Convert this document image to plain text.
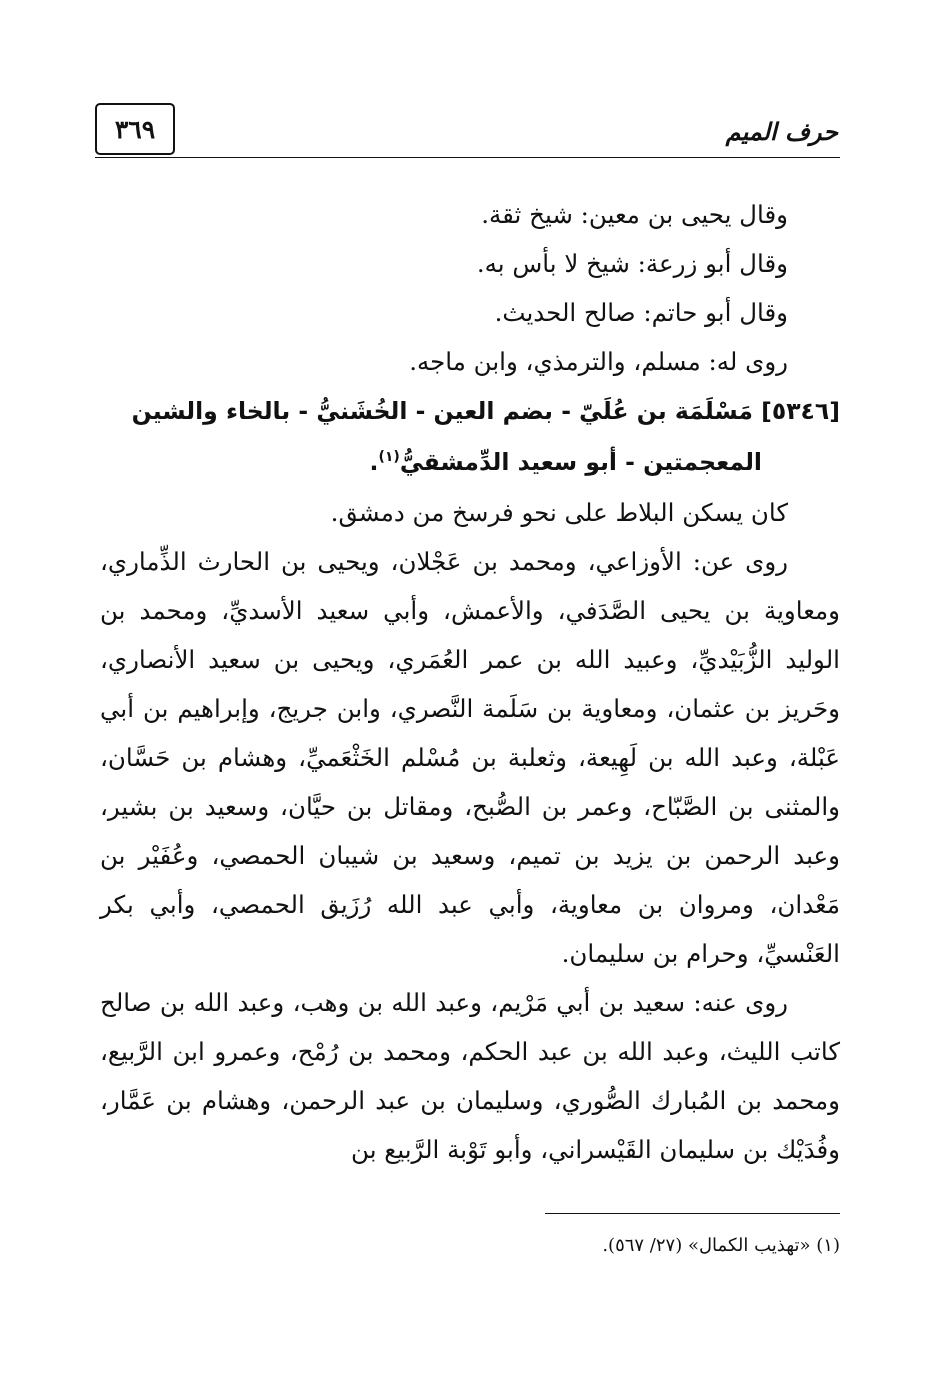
٣٦٩	حرف الميم

وقال يحيى بن معين: شيخ ثقة.

وقال أبو زرعة: شيخ لا بأس به.

وقال أبو حاتم: صالح الحديث.

روى له: مسلم، والترمذي، وابن ماجه.

[٥٣٤٦] مَسْلَمَة بن عُلَيّ - بضم العين - الخُشَنيُّ - بالخاء والشين
المعجمتين - أبو سعيد الدِّمشقيُّ$^{(١)}$.

كان يسكن البلاط على نحو فرسخ من دمشق.

روى عن: الأوزاعي، ومحمد بن عَجْلان، ويحيى بن الحارث الذِّماري، ومعاوية بن يحيى الصَّدَفي، والأعمش، وأبي سعيد الأسديِّ، ومحمد بن الوليد الزُّبَيْديِّ، وعبيد الله بن عمر العُمَري، ويحيى بن سعيد الأنصاري، وحَريز بن عثمان، ومعاوية بن سَلَمة النَّصري، وابن جريج، وإبراهيم بن أبي عَبْلة، وعبد الله بن لَهِيعة، وثعلبة بن مُسْلم الخَثْعَميِّ، وهشام بن حَسَّان، والمثنى بن الصَّبّاح، وعمر بن الصُّبح، ومقاتل بن حيَّان، وسعيد بن بشير، وعبد الرحمن بن يزيد بن تميم، وسعيد بن شيبان الحمصي، وعُفَيْر بن مَعْدان، ومروان بن معاوية، وأبي عبد الله رُزَيق الحمصي، وأبي بكر العَنْسيِّ، وحرام بن سليمان.

روى عنه: سعيد بن أبي مَرْيم، وعبد الله بن وهب، وعبد الله بن صالح كاتب الليث، وعبد الله بن عبد الحكم، ومحمد بن رُمْح، وعمرو ابن الرَّبيع، ومحمد بن المُبارك الصُّوري، وسليمان بن عبد الرحمن، وهشام بن عَمَّار، وفُدَيْك بن سليمان القَيْسراني، وأبو تَوْبة الرَّبيع بن

(١) «تهذيب الكمال» (٢٧/ ٥٦٧).
